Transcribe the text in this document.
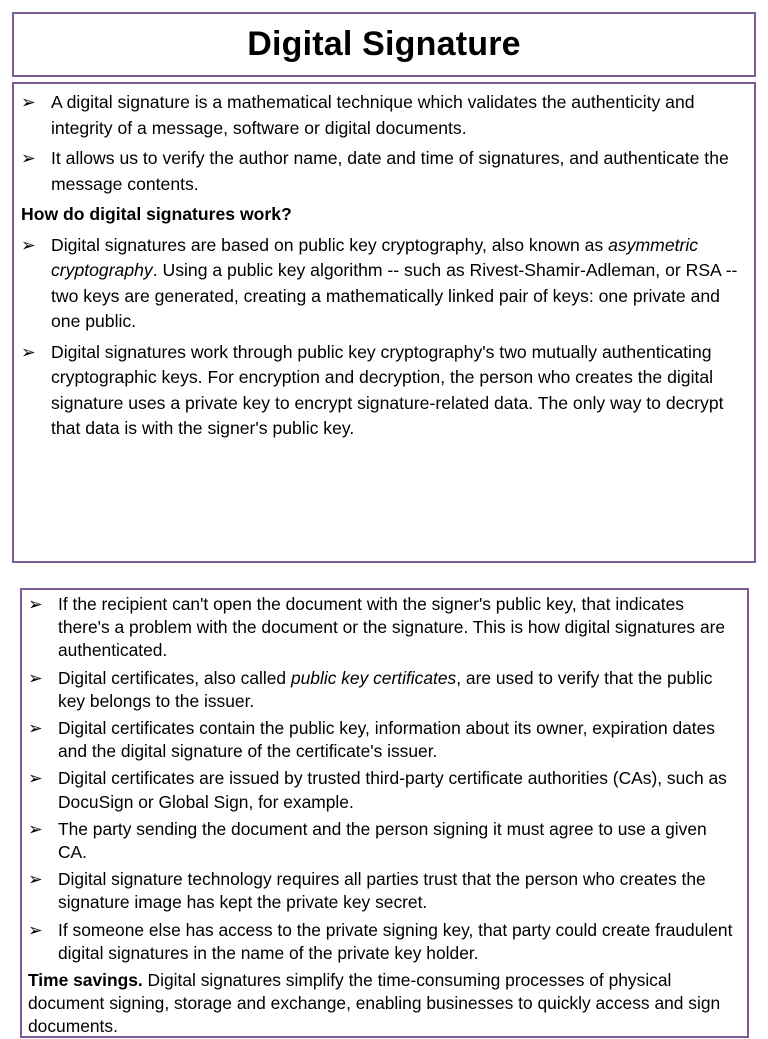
Digital Signature
➢ A digital signature is a mathematical technique which validates the authenticity and integrity of a message, software or digital documents.
➢ It allows us to verify the author name, date and time of signatures, and authenticate the message contents.

How do digital signatures work?

➢ Digital signatures are based on public key cryptography, also known as asymmetric cryptography. Using a public key algorithm -- such as Rivest-Shamir-Adleman, or RSA -- two keys are generated, creating a mathematically linked pair of keys: one private and one public.
➢ Digital signatures work through public key cryptography's two mutually authenticating cryptographic keys. For encryption and decryption, the person who creates the digital signature uses a private key to encrypt signature-related data. The only way to decrypt that data is with the signer's public key.
➢ If the recipient can't open the document with the signer's public key, that indicates there's a problem with the document or the signature. This is how digital signatures are authenticated.
➢ Digital certificates, also called public key certificates, are used to verify that the public key belongs to the issuer.
➢ Digital certificates contain the public key, information about its owner, expiration dates and the digital signature of the certificate's issuer.
➢ Digital certificates are issued by trusted third-party certificate authorities (CAs), such as DocuSign or Global Sign, for example.
➢ The party sending the document and the person signing it must agree to use a given CA.
➢ Digital signature technology requires all parties trust that the person who creates the signature image has kept the private key secret.
➢ If someone else has access to the private signing key, that party could create fraudulent digital signatures in the name of the private key holder.

Time savings. Digital signatures simplify the time-consuming processes of physical document signing, storage and exchange, enabling businesses to quickly access and sign documents.
